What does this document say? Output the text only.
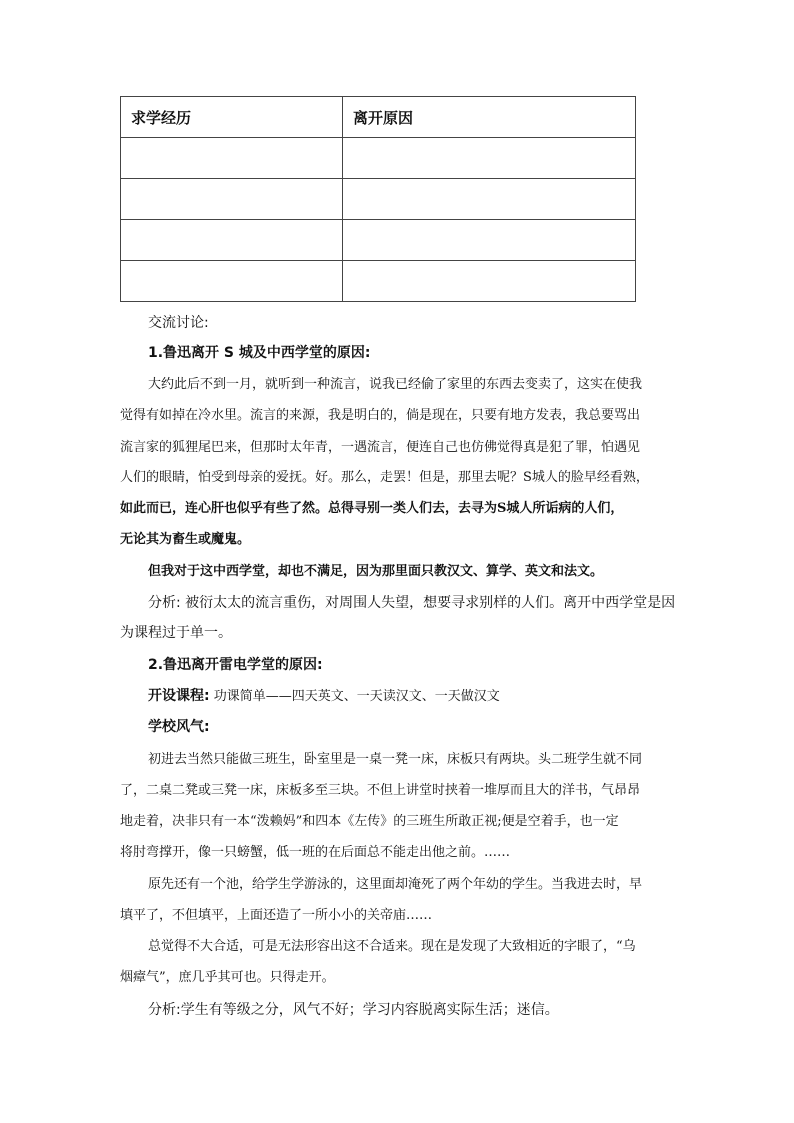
求学经历	离开原因

交流讨论:
1.鲁迅离开 S 城及中西学堂的原因:
大约此后不到一月，就听到一种流言，说我已经偷了家里的东西去变卖了，这实在使我
觉得有如掉在冷水里。流言的来源，我是明白的，倘是现在，只要有地方发表，我总要骂出
流言家的狐狸尾巴来，但那时太年青，一遇流言，便连自己也仿佛觉得真是犯了罪，怕遇见
人们的眼睛，怕受到母亲的爱抚。好。那么，走罢！但是，那里去呢？S城人的脸早经看熟，
如此而已，连心肝也似乎有些了然。总得寻别一类人们去，去寻为S城人所诟病的人们，
无论其为畜生或魔鬼。
但我对于这中西学堂，却也不满足，因为那里面只教汉文、算学、英文和法文。
分析: 被衍太太的流言重伤，对周围人失望，想要寻求别样的人们。离开中西学堂是因
为课程过于单一。
2.鲁迅离开雷电学堂的原因:
开设课程: 功课简单——四天英文、一天读汉文、一天做汉文
学校风气:
初进去当然只能做三班生，卧室里是一桌一凳一床，床板只有两块。头二班学生就不同
了，二桌二凳或三凳一床，床板多至三块。不但上讲堂时挟着一堆厚而且大的洋书，气昂昂
地走着，决非只有一本“泼赖妈”和四本《左传》的三班生所敢正视;便是空着手，也一定
将肘弯撑开，像一只螃蟹，低一班的在后面总不能走出他之前。……
原先还有一个池，给学生学游泳的，这里面却淹死了两个年幼的学生。当我进去时，早
填平了，不但填平，上面还造了一所小小的关帝庙……
总觉得不大合适，可是无法形容出这不合适来。现在是发现了大致相近的字眼了，“乌
烟瘴气”，庶几乎其可也。只得走开。
分析:学生有等级之分，风气不好；学习内容脱离实际生活；迷信。
